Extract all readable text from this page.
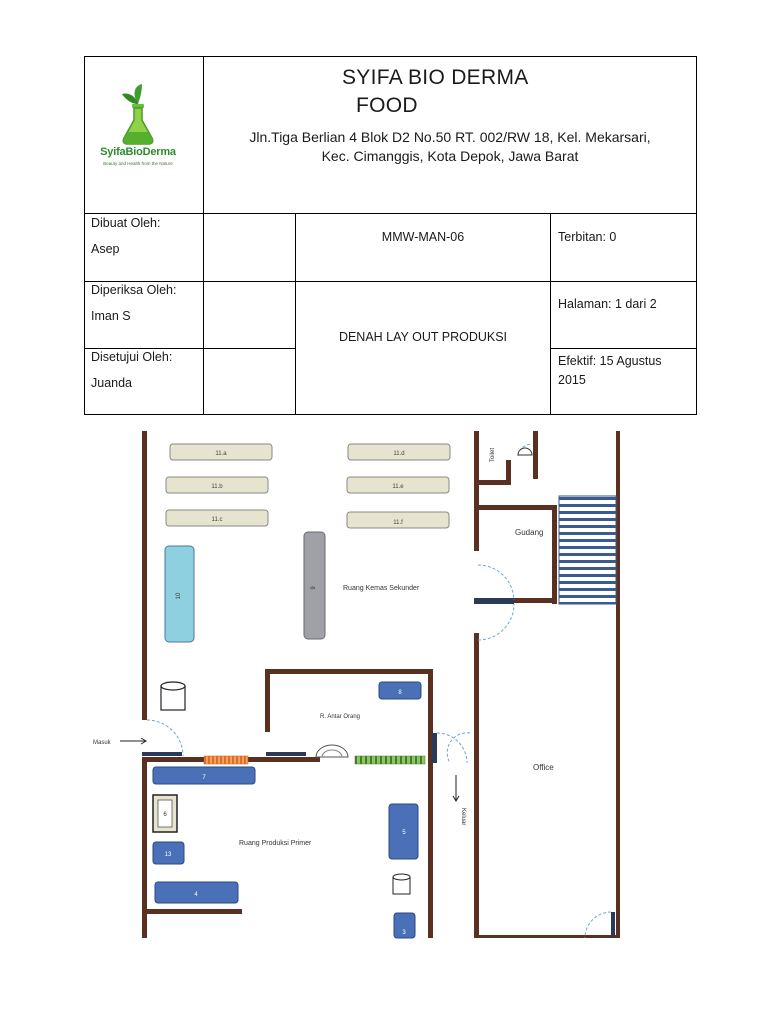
SyifaBioDerma
Beauty and Health from the Nature
SYIFA BIO DERMA
FOOD
Jln.Tiga Berlian 4 Blok D2 No.50 RT. 002/RW 18, Kel. Mekarsari,
Kec. Cimanggis, Kota Depok, Jawa Barat
Dibuat Oleh:
Asep
Diperiksa Oleh:
Iman S
Disetujui Oleh:
Juanda
MMW-MAN-06
DENAH LAY OUT PRODUKSI
Terbitan: 0
Halaman: 1 dari 2
Efektif: 15 Agustus
2015
Toilet
11.a
11.b
11.c
11.d
11.e
11.f
10
9
8
7
6
13
4
5
3
Gudang
Ruang Kemas Sekunder
R. Antar Orang
Office
Ruang Produksi Primer
Masuk
Keluar
